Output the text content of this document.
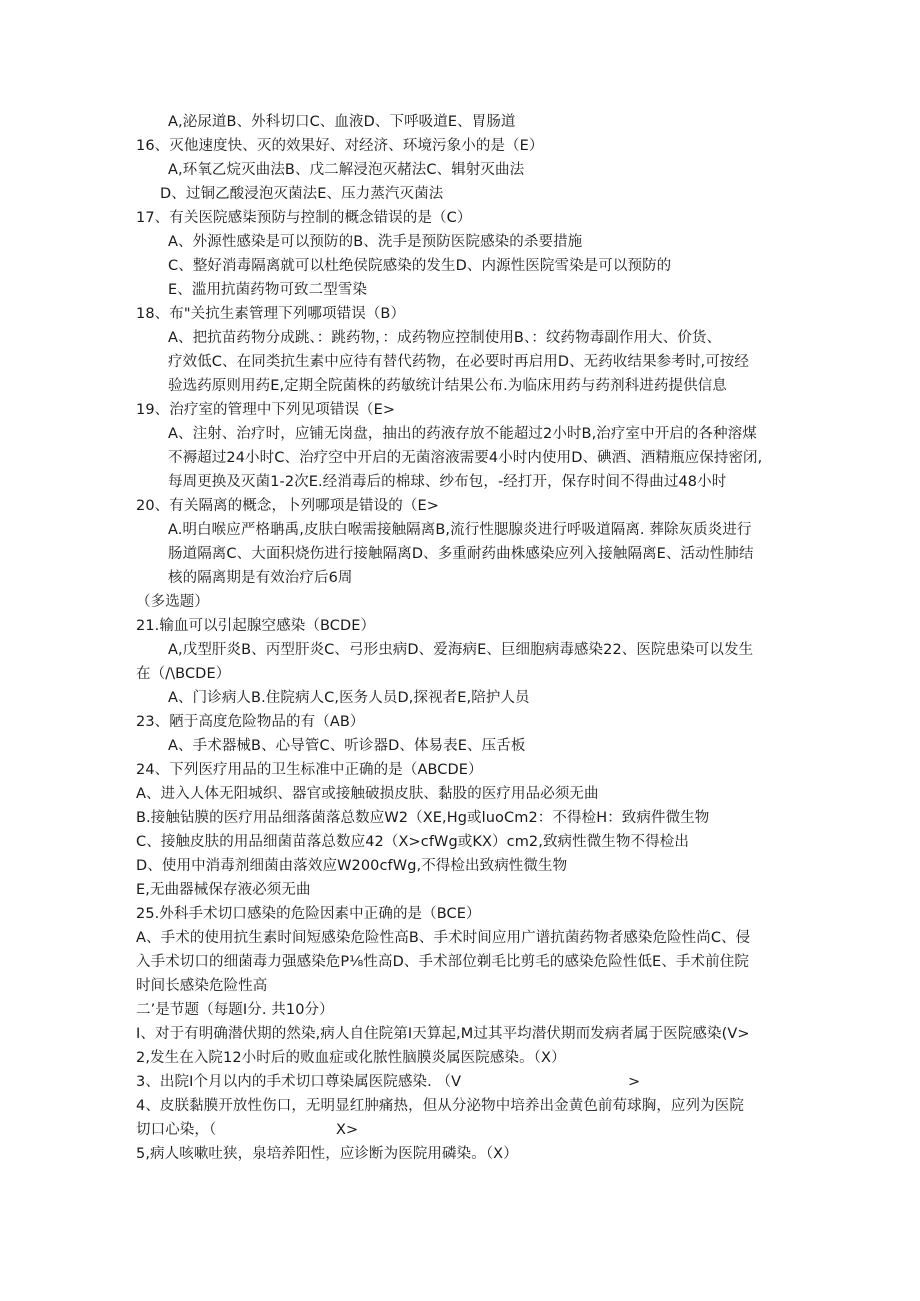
A,泌尿道B、外科切口C、血液D、下呼吸道E、胃肠道
16、灭他速度快、灭的效果好、对经济、环境污象小的是（E）
A,环氧乙烷灭曲法B、戊二解浸泡灭赭法C、辑射灭曲法
D、过铜乙酸浸泡灭菌法E、压力蒸汽灭菌法
17、有关医院感柒预防与控制的概念错误的是（C）
A、外源性感染是可以预防的B、洗手是预防医院感染的杀要措施
C、整好消毒隔离就可以杜绝侯院感染的发生D、内源性医院雪染是可以预防的
E、滥用抗菌药物可致二型雪染
18、布"关抗生素管理下列哪项错误（B）
A、把抗苗药物分成跳、：跳药物，：成药物应控制使用B、：纹药物毒副作用大、价货、
疗效低C、在同类抗生素中应待有替代药物，在必要时再启用D、无药收结果参考时,可按经
验选药原则用药E,定期全院菌株的药敏统计结果公布.为临床用药与药剂科进药提供信息
19、治疗室的管理中下列见项错误（E>
A、注射、治疗时，应铺无岗盘，抽出的药液存放不能超过2小时B,治疗室中开启的各种溶煤
不褥超过24小时C、治疗空中开启的无菌溶液需要4小时内使用D、碘酒、酒精瓶应保持密闭,
每周更换及灭菌1-2次E.经消毒后的棉球、纱布包，-经打开，保存时间不得曲过48小时
20、有关隔离的概念，卜列哪项是错设的（E>
A.明白喉应严格聃禹,皮肤白喉需接触隔离B,流行性腮腺炎进行呼吸道隔离. 葬除灰质炎进行
肠道隔离C、大面积烧伤进行接触隔离D、多重耐药曲株感染应列入接触隔离E、活动性肺结
核的隔离期是有效治疗后6周
（多选题）
21.输血可以引起腺空感染（BCDE）
A,戊型肝炎B、丙型肝炎C、弓形虫病D、爱海病E、巨细胞病毒感染22、医院患染可以发生
在（∕\BCDE）
A、门诊病人B.住院病人C,医务人员D,探视者E,陪护人员
23、陋于高度危险物品的有（AB）
A、手术器械B、心导管C、听诊器D、体易表E、压舌板
24、下列医疗用品的卫生标准中正确的是（ABCDE）
A、进入人体无阳城织、器官或接触破损皮肤、黏股的医疗用品必须无曲
B.接触钻膜的医疗用品细落菌落总数应W2（XE,Hg或luoCm2：不得检H：致病件微生物
C、接触皮肤的用品细菌苗落总数应42（X>cfWg或KX）cm2,致病性微生物不得检出
D、使用中消毒剂细菌由落效应W200cfWg,不得检出致病性微生物
E,无曲器械保存液必须无曲
25.外科手术切口感染的危险因素中正确的是（BCE）
A、手术的使用抗生素时间短感染危险性高B、手术时间应用广谱抗菌药物者感染危险性尚C、侵
入手术切口的细菌毒力强感染危P⅛性高D、手术部位剃毛比剪毛的感染危险性低E、手术前住院
时间长感染危险性高
二’是节题（每题I分. 共10分）
I、对于有明确潜伏期的然染,病人自住院第I天算起,M过其平均潜伏期而发病者属于医院感染(V>
2,发生在入院12小时后的败血症或化脓性脑膜炎属医院感染。（X）
3、出院I个月以内的手术切口尊染属医院感染. （V	>
4、皮朕黏膜开放性伤口，无明显红肿痛热，但从分泌物中培养出金黄色前荀球胸，应列为医院
切口心染，（	X>
5,病人咳嗽吐狭，泉培养阳性，应诊断为医院用磷染。（X）
